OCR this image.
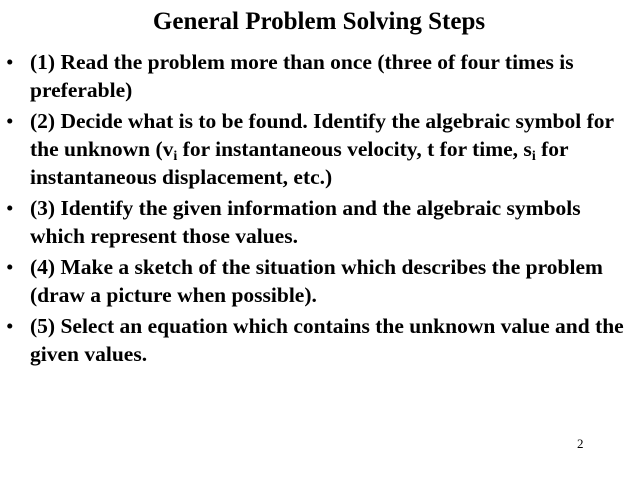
General Problem Solving Steps
• (1) Read the problem more than once (three of four times is preferable)
• (2) Decide what is to be found. Identify the algebraic symbol for the unknown ($v_i$ for instantaneous velocity, t for time, $s_i$ for instantaneous displacement, etc.)
• (3) Identify the given information and the algebraic symbols which represent those values.
• (4) Make a sketch of the situation which describes the problem (draw a picture when possible).
• (5) Select an equation which contains the unknown value and the given values.
2
